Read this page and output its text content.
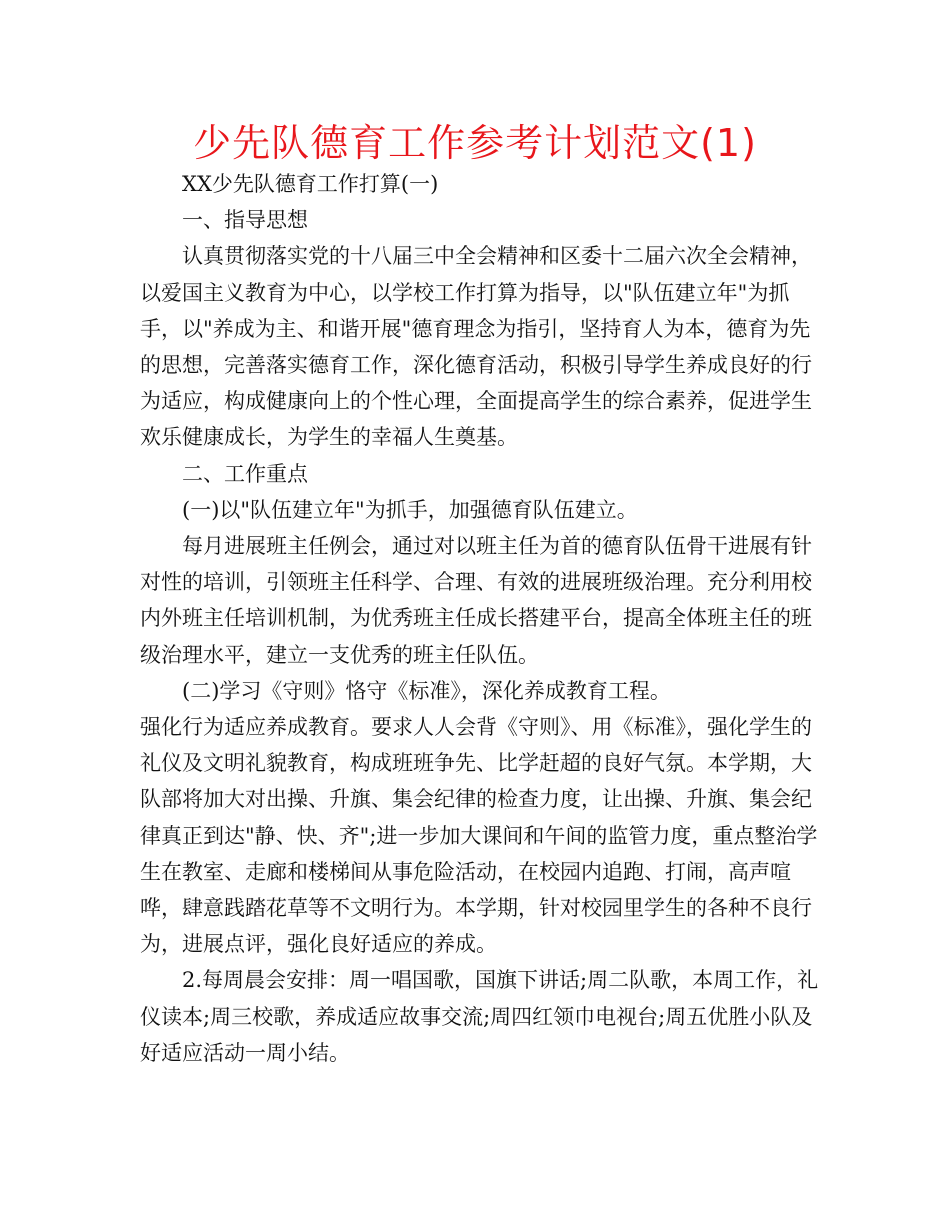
少先队德育工作参考计划范文(1)

XX少先队德育工作打算(一)

一、指导思想

认真贯彻落实党的十八届三中全会精神和区委十二届六次全会精神，以爱国主义教育为中心，以学校工作打算为指导，以"队伍建立年"为抓手，以"养成为主、和谐开展"德育理念为指引，坚持育人为本，德育为先的思想，完善落实德育工作，深化德育活动，积极引导学生养成良好的行为适应，构成健康向上的个性心理，全面提高学生的综合素养，促进学生欢乐健康成长，为学生的幸福人生奠基。

二、工作重点

(一)以"队伍建立年"为抓手，加强德育队伍建立。

每月进展班主任例会，通过对以班主任为首的德育队伍骨干进展有针对性的培训，引领班主任科学、合理、有效的进展班级治理。充分利用校内外班主任培训机制，为优秀班主任成长搭建平台，提高全体班主任的班级治理水平，建立一支优秀的班主任队伍。

(二)学习《守则》恪守《标准》，深化养成教育工程。

强化行为适应养成教育。要求人人会背《守则》、用《标准》，强化学生的礼仪及文明礼貌教育，构成班班争先、比学赶超的良好气氛。本学期，大队部将加大对出操、升旗、集会纪律的检查力度，让出操、升旗、集会纪律真正到达"静、快、齐";进一步加大课间和午间的监管力度，重点整治学生在教室、走廊和楼梯间从事危险活动，在校园内追跑、打闹，高声喧哗，肆意践踏花草等不文明行为。本学期，针对校园里学生的各种不良行为，进展点评，强化良好适应的养成。

2.每周晨会安排：周一唱国歌，国旗下讲话;周二队歌，本周工作，礼仪读本;周三校歌，养成适应故事交流;周四红领巾电视台;周五优胜小队及好适应活动一周小结。
